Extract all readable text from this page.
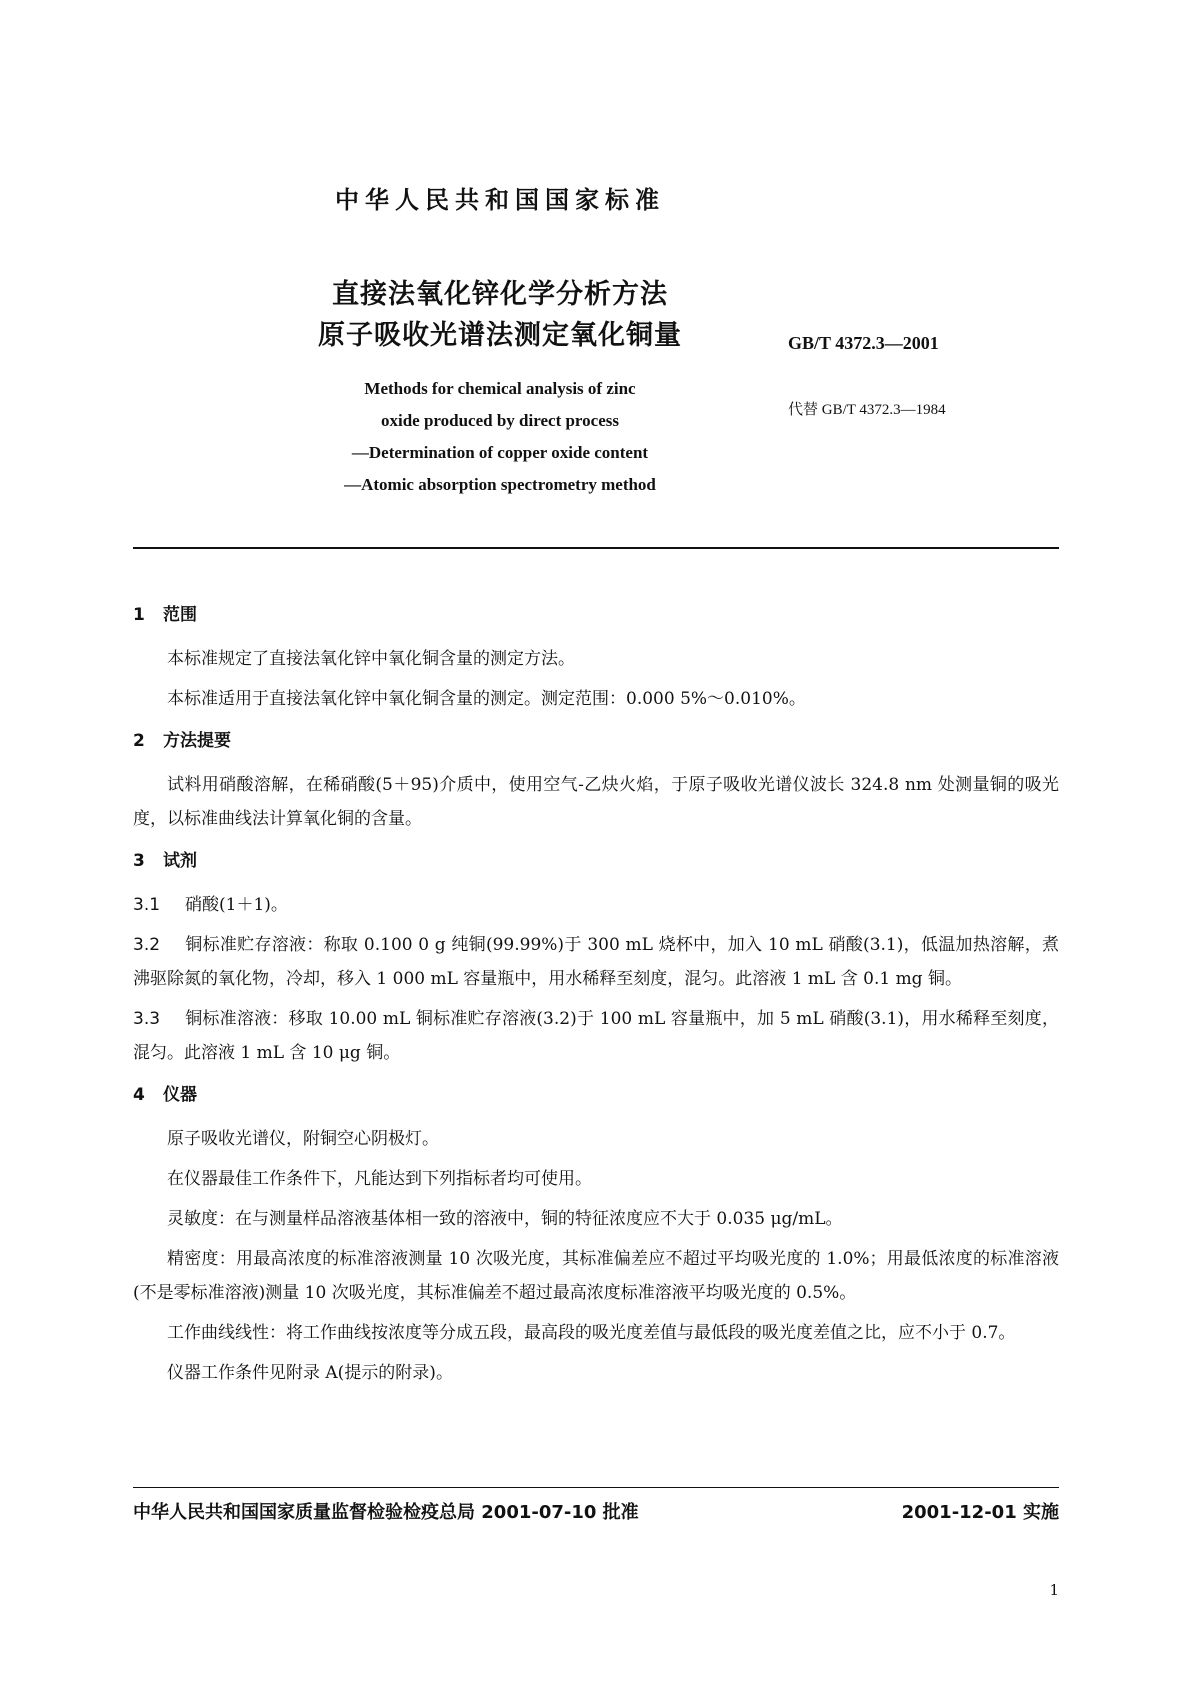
中华人民共和国国家标准
直接法氧化锌化学分析方法
原子吸收光谱法测定氧化铜量	GB/T 4372.3—2001
代替 GB/T 4372.3—1984
Methods for chemical analysis of zinc
oxide produced by direct process
—Determination of copper oxide content
—Atomic absorption spectrometry method
1 范围
本标准规定了直接法氧化锌中氧化铜含量的测定方法。
本标准适用于直接法氧化锌中氧化铜含量的测定。测定范围：0.000 5%～0.010%。
2 方法提要
试料用硝酸溶解，在稀硝酸(5＋95)介质中，使用空气-乙炔火焰，于原子吸收光谱仪波长 324.8 nm 处测量铜的吸光度，以标准曲线法计算氧化铜的含量。
3 试剂
3.1 硝酸(1＋1)。
3.2 铜标准贮存溶液：称取 0.100 0 g 纯铜(99.99%)于 300 mL 烧杯中，加入 10 mL 硝酸(3.1)，低温加热溶解，煮沸驱除氮的氧化物，冷却，移入 1 000 mL 容量瓶中，用水稀释至刻度，混匀。此溶液 1 mL 含 0.1 mg 铜。
3.3 铜标准溶液：移取 10.00 mL 铜标准贮存溶液(3.2)于 100 mL 容量瓶中，加 5 mL 硝酸(3.1)，用水稀释至刻度，混匀。此溶液 1 mL 含 10 μg 铜。
4 仪器
原子吸收光谱仪，附铜空心阴极灯。
在仪器最佳工作条件下，凡能达到下列指标者均可使用。
灵敏度：在与测量样品溶液基体相一致的溶液中，铜的特征浓度应不大于 0.035 μg/mL。
精密度：用最高浓度的标准溶液测量 10 次吸光度，其标准偏差应不超过平均吸光度的 1.0%；用最低浓度的标准溶液(不是零标准溶液)测量 10 次吸光度，其标准偏差不超过最高浓度标准溶液平均吸光度的 0.5%。
工作曲线线性：将工作曲线按浓度等分成五段，最高段的吸光度差值与最低段的吸光度差值之比，应不小于 0.7。
仪器工作条件见附录 A(提示的附录)。
中华人民共和国国家质量监督检验检疫总局 2001-07-10 批准	2001-12-01 实施
1
